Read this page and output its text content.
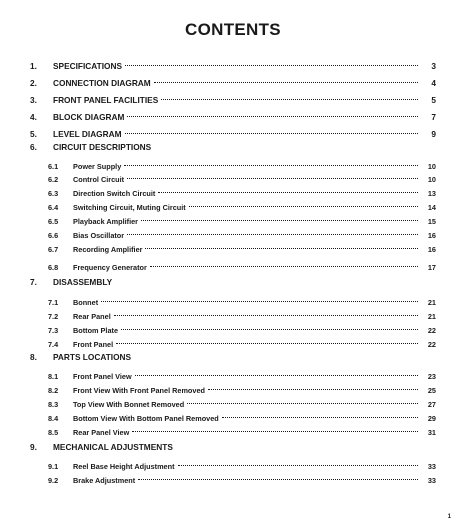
CONTENTS
1.	SPECIFICATIONS	3
2.	CONNECTION DIAGRAM	4
3.	FRONT PANEL FACILITIES	5
4.	BLOCK DIAGRAM	7
5.	LEVEL DIAGRAM	9
6.	CIRCUIT DESCRIPTIONS
6.1	Power Supply	10
6.2	Control Circuit	10
6.3	Direction Switch Circuit	13
6.4	Switching Circuit, Muting Circuit	14
6.5	Playback Amplifier	15
6.6	Bias Oscillator	16
6.7	Recording Amplifier	16
6.8	Frequency Generator	17
7.	DISASSEMBLY
7.1	Bonnet	21
7.2	Rear Panel	21
7.3	Bottom Plate	22
7.4	Front Panel	22
8.	PARTS LOCATIONS
8.1	Front Panel View	23
8.2	Front View With Front Panel Removed	25
8.3	Top View With Bonnet Removed	27
8.4	Bottom View With Bottom Panel Removed	29
8.5	Rear Panel View	31
9.	MECHANICAL ADJUSTMENTS
9.1	Reel Base Height Adjustment	33
9.2	Brake Adjustment	33
1
